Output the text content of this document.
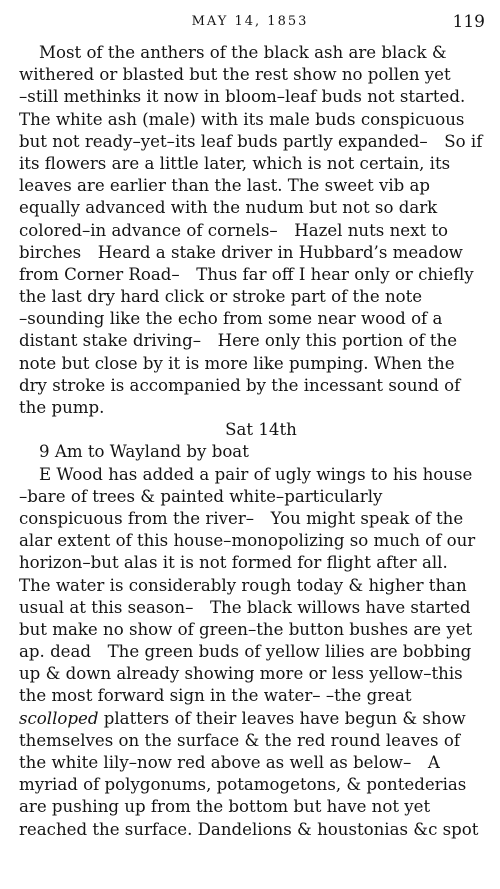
MAY 14, 1853	119
Most of the anthers of the black ash are black &
withered or blasted but the rest show no pollen yet
–still methinks it now in bloom–leaf buds not started.
The white ash (male) with its male buds conspicuous
but not ready–yet–its leaf buds partly expanded– So if
its flowers are a little later, which is not certain, its
leaves are earlier than the last. The sweet vib ap
equally advanced with the nudum but not so dark
colored–in advance of cornels– Hazel nuts next to
birches Heard a stake driver in Hubbard’s meadow
from Corner Road– Thus far off I hear only or chiefly
the last dry hard click or stroke part of the note
–sounding like the echo from some near wood of a
distant stake driving– Here only this portion of the
note but close by it is more like pumping. When the
dry stroke is accompanied by the incessant sound of
the pump.
Sat 14th
9 Am to Wayland by boat
E Wood has added a pair of ugly wings to his house
–bare of trees & painted white–particularly
conspicuous from the river– You might speak of the
alar extent of this house–monopolizing so much of our
horizon–but alas it is not formed for flight after all.
The water is considerably rough today & higher than
usual at this season– The black willows have started
but make no show of green–the button bushes are yet
ap. dead The green buds of yellow lilies are bobbing
up & down already showing more or less yellow–this
the most forward sign in the water– –the great
scolloped platters of their leaves have begun & show
themselves on the surface & the red round leaves of
the white lily–now red above as well as below– A
myriad of polygonums, potamogetons, & pontederias
are pushing up from the bottom but have not yet
reached the surface. Dandelions & houstonias &c spot
